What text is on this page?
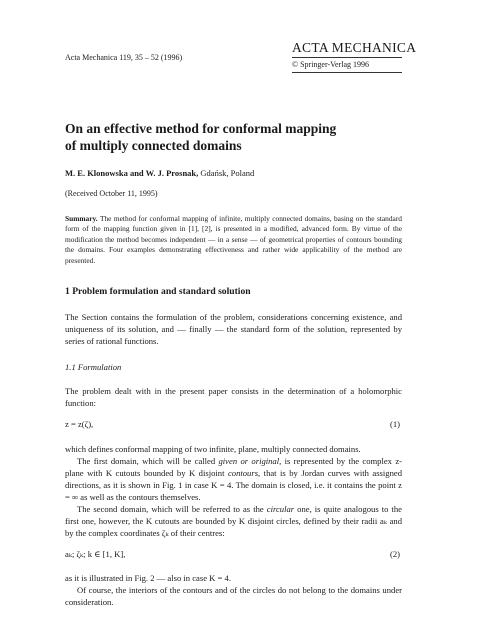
Acta Mechanica 119, 35 – 52 (1996)
ACTA MECHANICA
© Springer-Verlag 1996
On an effective method for conformal mapping
of multiply connected domains
M. E. Klonowska and W. J. Prosnak, Gdańsk, Poland
(Received October 11, 1995)
Summary. The method for conformal mapping of infinite, multiply connected domains, basing on the standard form of the mapping function given in [1], [2], is presented in a modified, advanced form. By virtue of the modification the method becomes independent — in a sense — of geometrical properties of contours bounding the domains. Four examples demonstrating effectiveness and rather wide applicability of the method are presented.
1 Problem formulation and standard solution
The Section contains the formulation of the problem, considerations concerning existence, and uniqueness of its solution, and — finally — the standard form of the solution, represented by series of rational functions.
1.1 Formulation
The problem dealt with in the present paper consists in the determination of a holomorphic function:
z = z(ζ),	(1)
which defines conformal mapping of two infinite, plane, multiply connected domains.
The first domain, which will be called given or original, is represented by the complex z-plane with K cutouts bounded by K disjoint contours, that is by Jordan curves with assigned directions, as it is shown in Fig. 1 in case K = 4. The domain is closed, i.e. it contains the point z = ∞ as well as the contours themselves.
The second domain, which will be referred to as the circular one, is quite analogous to the first one, however, the K cutouts are bounded by K disjoint circles, defined by their radii aₖ and by the complex coordinates ζₖ of their centres:
aₖ; ζₖ; k ∈ [1, K],	(2)
as it is illustrated in Fig. 2 — also in case K = 4.
Of course, the interiors of the contours and of the circles do not belong to the domains under consideration.
